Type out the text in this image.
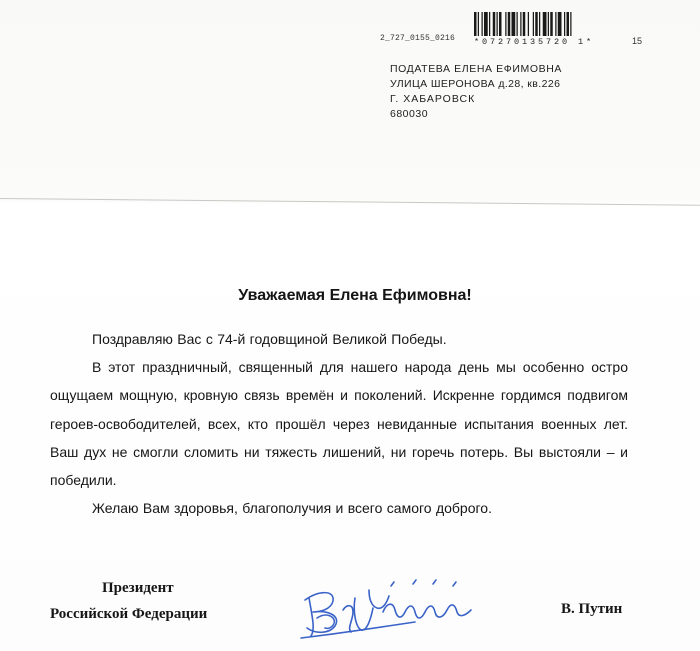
2_727_0155_0216 *07270135720 1*	15
ПОДАТЕВА ЕЛЕНА ЕФИМОВНА
УЛИЦА ШЕРОНОВА д.28, кв.226
Г. ХАБАРОВСК
680030
Уважаемая Елена Ефимовна!

Поздравляю Вас с 74-й годовщиной Великой Победы.

В этот праздничный, священный для нашего народа день мы особенно остро ощущаем мощную, кровную связь времён и поколений. Искренне гордимся подвигом героев-освободителей, всех, кто прошёл через невиданные испытания военных лет. Ваш дух не смогли сломить ни тяжесть лишений, ни горечь потерь. Вы выстояли – и победили.

Желаю Вам здоровья, благополучия и всего самого доброго.

Президент
Российской Федерации	В. Путин
